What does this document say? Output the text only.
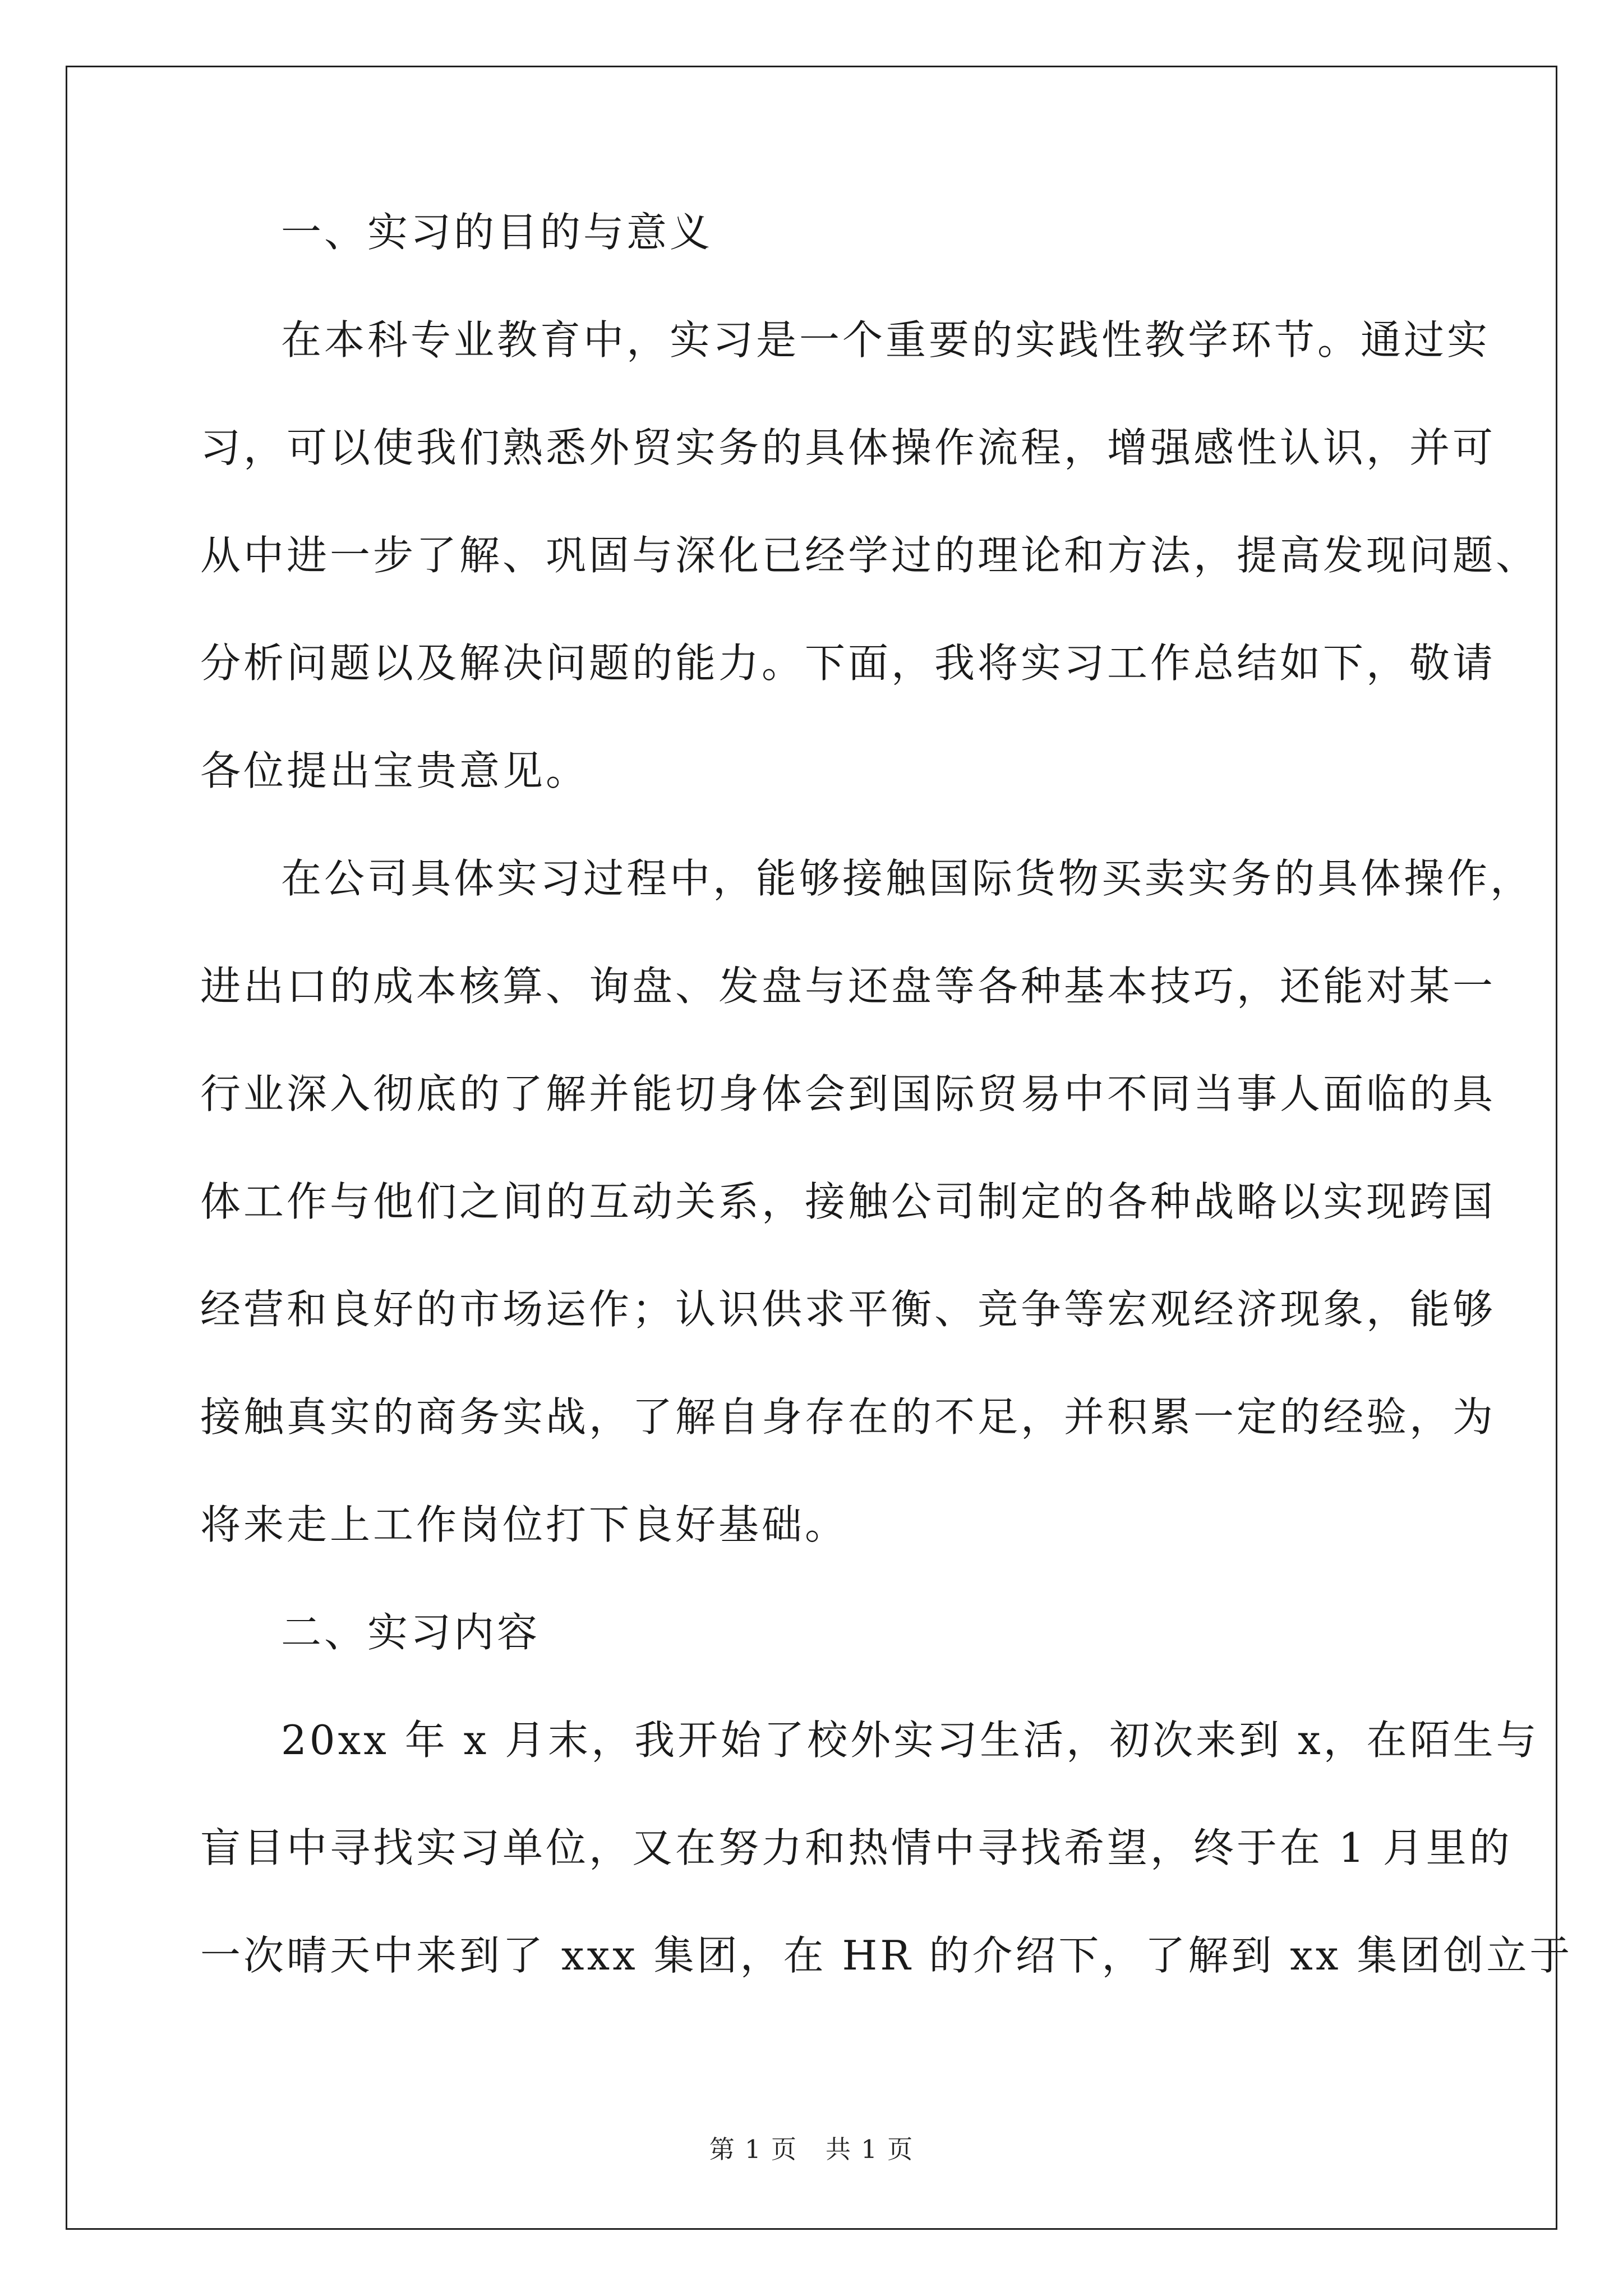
一、实习的目的与意义
在本科专业教育中，实习是一个重要的实践性教学环节。通过实
习，可以使我们熟悉外贸实务的具体操作流程，增强感性认识，并可
从中进一步了解、巩固与深化已经学过的理论和方法，提高发现问题、
分析问题以及解决问题的能力。下面，我将实习工作总结如下，敬请
各位提出宝贵意见。
在公司具体实习过程中，能够接触国际货物买卖实务的具体操作，
进出口的成本核算、询盘、发盘与还盘等各种基本技巧，还能对某一
行业深入彻底的了解并能切身体会到国际贸易中不同当事人面临的具
体工作与他们之间的互动关系，接触公司制定的各种战略以实现跨国
经营和良好的市场运作；认识供求平衡、竞争等宏观经济现象，能够
接触真实的商务实战，了解自身存在的不足，并积累一定的经验，为
将来走上工作岗位打下良好基础。
二、实习内容
20xx 年 x 月末，我开始了校外实习生活，初次来到 x，在陌生与
盲目中寻找实习单位，又在努力和热情中寻找希望，终于在 1 月里的
一次晴天中来到了 xxx 集团，在 HR 的介绍下，了解到 xx 集团创立于
第 1 页 共 1 页
